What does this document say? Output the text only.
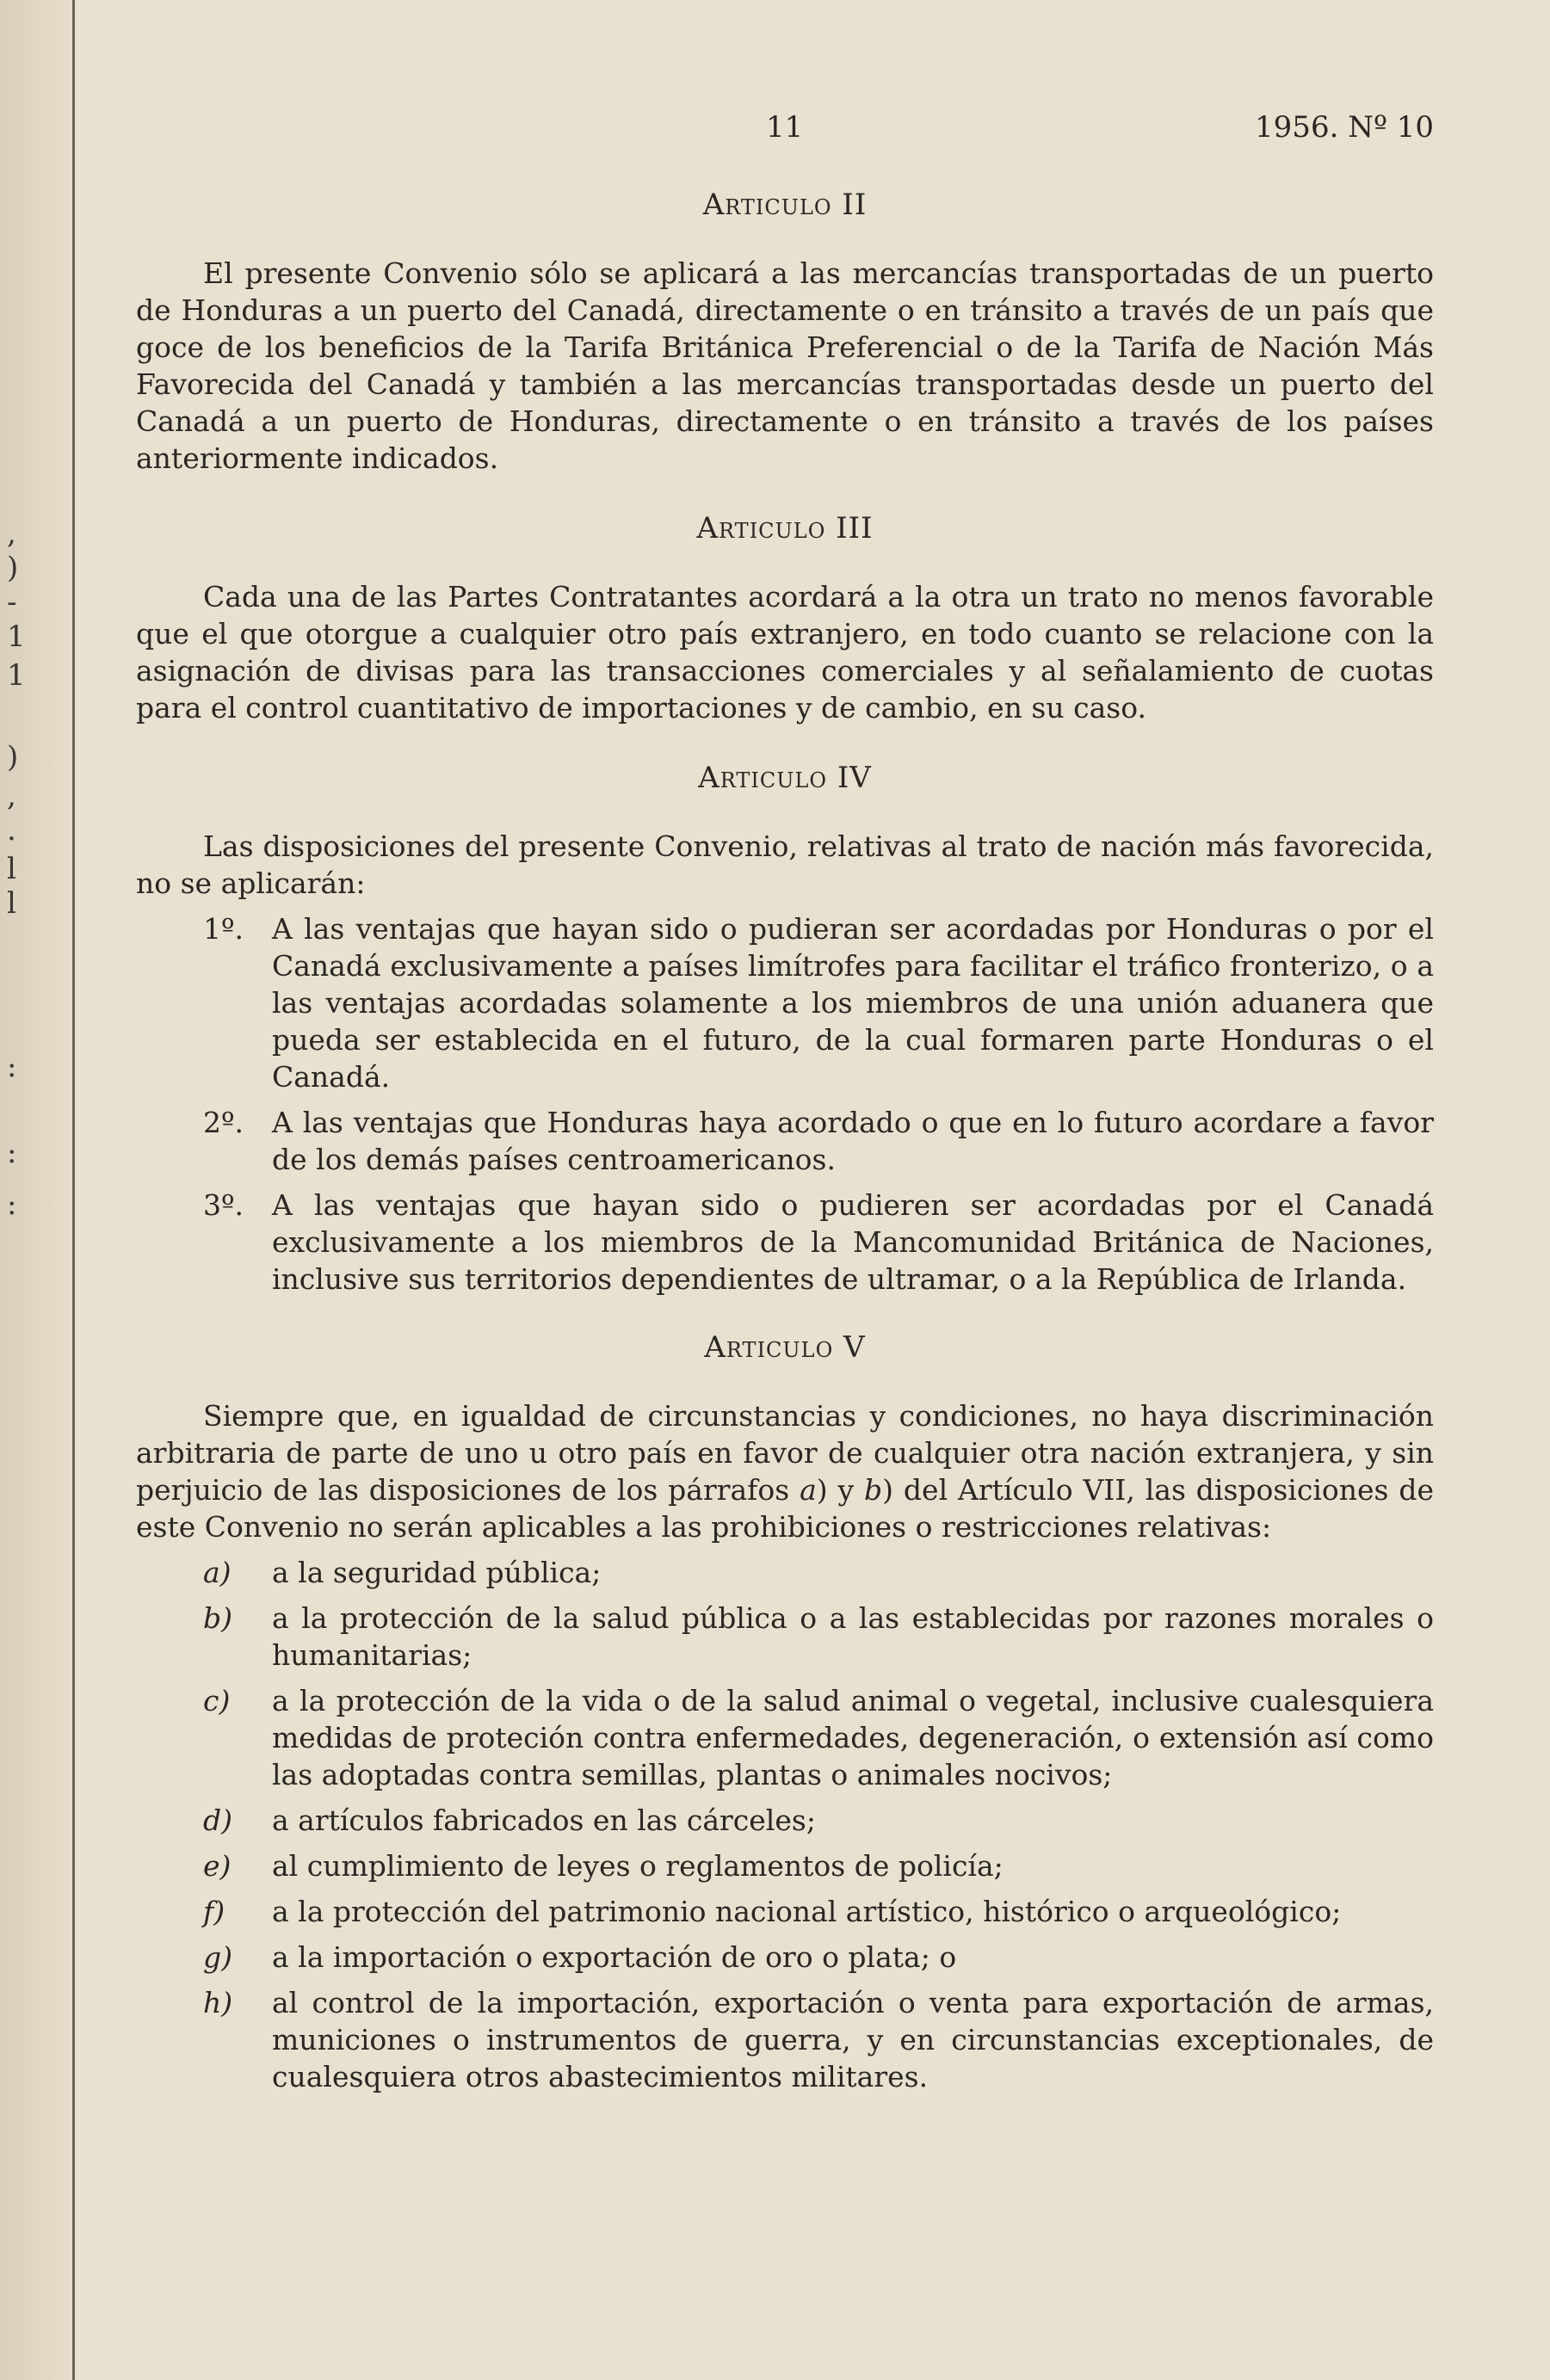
,
)
-
1
1
)
,
.
l
l
:
:
:
11	1956. Nº 10
Articulo II

El presente Convenio sólo se aplicará a las mercancías transportadas de un puerto de Honduras a un puerto del Canadá, directamente o en tránsito a través de un país que goce de los beneficios de la Tarifa Británica Preferencial o de la Tarifa de Nación Más Favorecida del Canadá y también a las mercancías transportadas desde un puerto del Canadá a un puerto de Honduras, directamente o en tránsito a través de los países anteriormente indicados.

Articulo III

Cada una de las Partes Contratantes acordará a la otra un trato no menos favorable que el que otorgue a cualquier otro país extranjero, en todo cuanto se relacione con la asignación de divisas para las transacciones comerciales y al señalamiento de cuotas para el control cuantitativo de importaciones y de cambio, en su caso.

Articulo IV

Las disposiciones del presente Convenio, relativas al trato de nación más favorecida, no se aplicarán:

1º. A las ventajas que hayan sido o pudieran ser acordadas por Honduras o por el Canadá exclusivamente a países limítrofes para facilitar el tráfico fronterizo, o a las ventajas acordadas solamente a los miembros de una unión aduanera que pueda ser establecida en el futuro, de la cual formaren parte Honduras o el Canadá.
2º. A las ventajas que Honduras haya acordado o que en lo futuro acordare a favor de los demás países centroamericanos.
3º. A las ventajas que hayan sido o pudieren ser acordadas por el Canadá exclusivamente a los miembros de la Mancomunidad Británica de Naciones, inclusive sus territorios dependientes de ultramar, o a la República de Irlanda.
Articulo V

Siempre que, en igualdad de circunstancias y condiciones, no haya discriminación arbitraria de parte de uno u otro país en favor de cualquier otra nación extranjera, y sin perjuicio de las disposiciones de los párrafos a) y b) del Artículo VII, las disposiciones de este Convenio no serán aplicables a las prohibiciones o restricciones relativas:

a)	a la seguridad pública;
b)	a la protección de la salud pública o a las establecidas por razones morales o humanitarias;
c)	a la protección de la vida o de la salud animal o vegetal, inclusive cualesquiera medidas de proteción contra enfermedades, degeneración, o extensión así como las adoptadas contra semillas, plantas o animales nocivos;
d)	a artículos fabricados en las cárceles;
e)	al cumplimiento de leyes o reglamentos de policía;
f)	a la protección del patrimonio nacional artístico, histórico o arqueológico;
g)	a la importación o exportación de oro o plata; o
h)	al control de la importación, exportación o venta para exportación de armas, municiones o instrumentos de guerra, y en circunstancias exceptionales, de cualesquiera otros abastecimientos militares.
